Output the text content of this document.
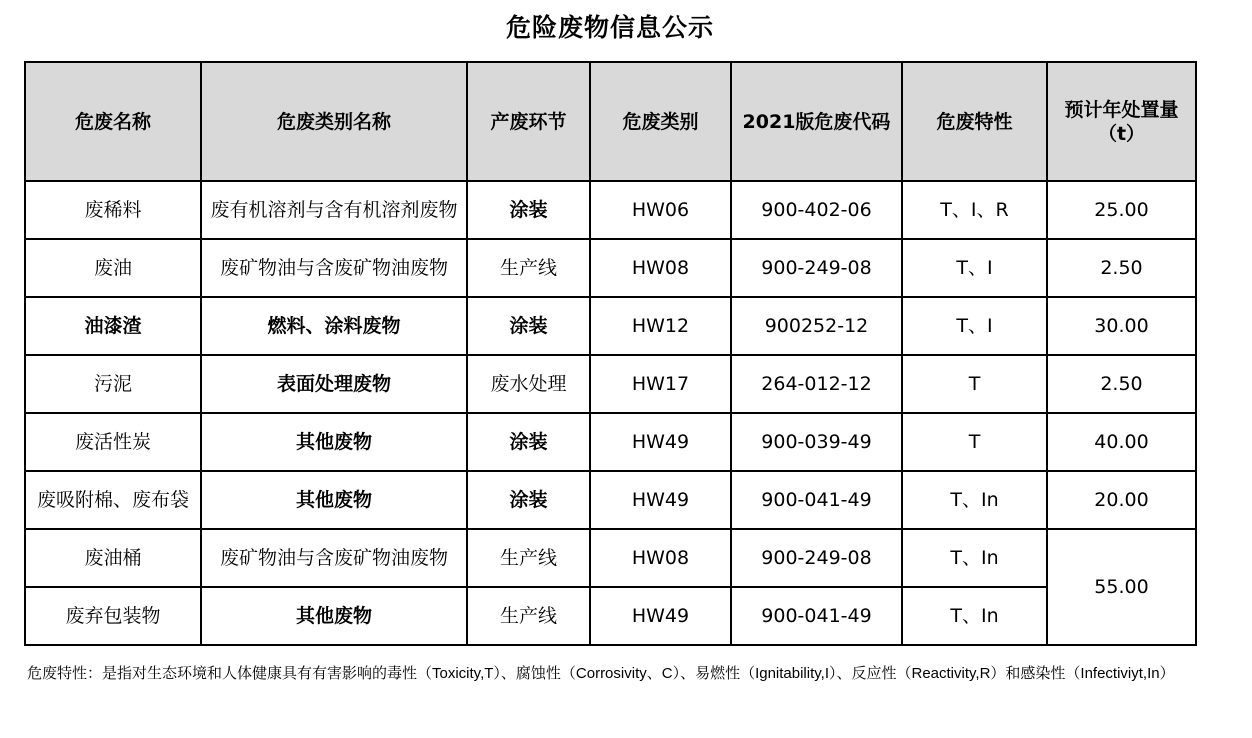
危险废物信息公示
危废名称	危废类别名称	产废环节	危废类别	2021版危废代码	危废特性	预计年处置量（t）
废稀料	废有机溶剂与含有机溶剂废物	涂装	HW06	900-402-06	T、I、R	25.00
废油	废矿物油与含废矿物油废物	生产线	HW08	900-249-08	T、I	2.50
油漆渣	燃料、涂料废物	涂装	HW12	900252-12	T、I	30.00
污泥	表面处理废物	废水处理	HW17	264-012-12	T	2.50
废活性炭	其他废物	涂装	HW49	900-039-49	T	40.00
废吸附棉、废布袋	其他废物	涂装	HW49	900-041-49	T、In	20.00
废油桶	废矿物油与含废矿物油废物	生产线	HW08	900-249-08	T、In	55.00
废弃包装物	其他废物	生产线	HW49	900-041-49	T、In	
危废特性：是指对生态环境和人体健康具有有害影响的毒性（Toxicity,T）、腐蚀性（Corrosivity、C）、易燃性（Ignitability,I）、反应性（Reactivity,R）和感染性（Infectiviyt,In）
